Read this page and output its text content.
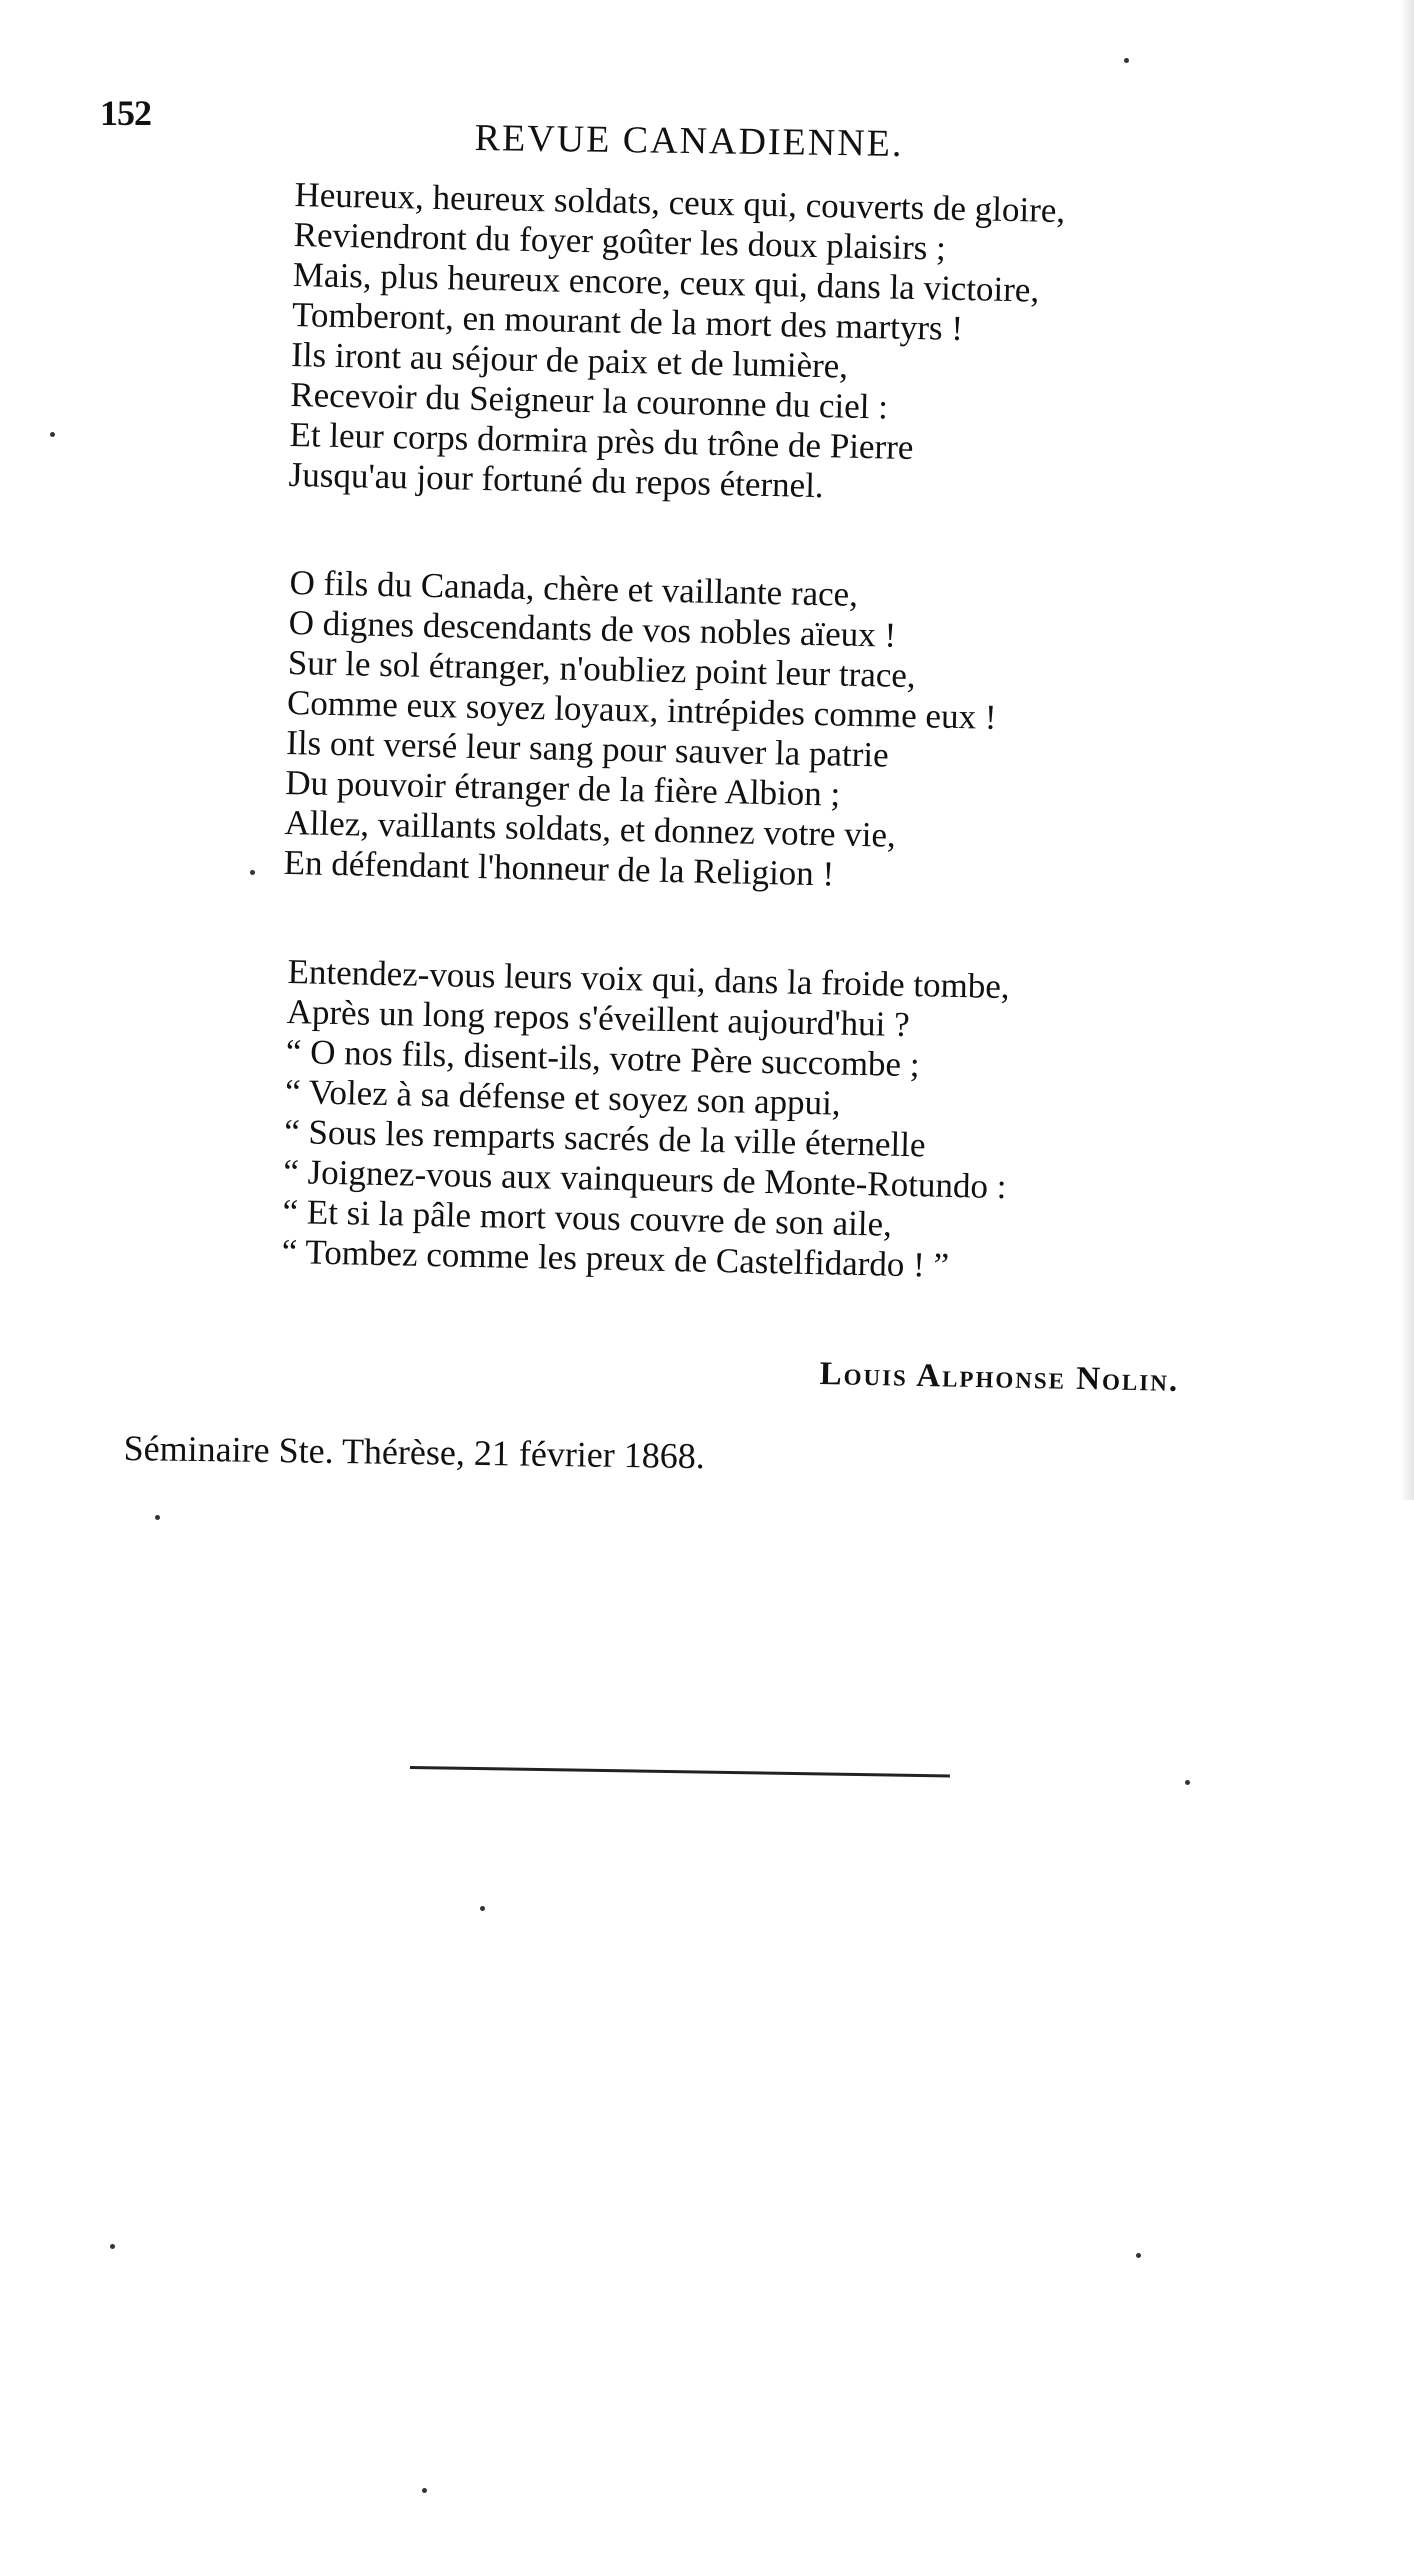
152
REVUE CANADIENNE.

Heureux, heureux soldats, ceux qui, couverts de gloire,

Reviendront du foyer goûter les doux plaisirs ;

Mais, plus heureux encore, ceux qui, dans la victoire,

Tomberont, en mourant de la mort des martyrs !

Ils iront au séjour de paix et de lumière,

Recevoir du Seigneur la couronne du ciel :

Et leur corps dormira près du trône de Pierre

Jusqu'au jour fortuné du repos éternel.

O fils du Canada, chère et vaillante race,

O dignes descendants de vos nobles aïeux !

Sur le sol étranger, n'oubliez point leur trace,

Comme eux soyez loyaux, intrépides comme eux !

Ils ont versé leur sang pour sauver la patrie

Du pouvoir étranger de la fière Albion ;

Allez, vaillants soldats, et donnez votre vie,

En défendant l'honneur de la Religion !

Entendez-vous leurs voix qui, dans la froide tombe,

Après un long repos s'éveillent aujourd'hui ?

“ O nos fils, disent-ils, votre Père succombe ;

“ Volez à sa défense et soyez son appui,

“ Sous les remparts sacrés de la ville éternelle

“ Joignez-vous aux vainqueurs de Monte-Rotundo :

“ Et si la pâle mort vous couvre de son aile,

“ Tombez comme les preux de Castelfidardo ! ”

Louis Alphonse Nolin.
Séminaire Ste. Thérèse, 21 février 1868.
